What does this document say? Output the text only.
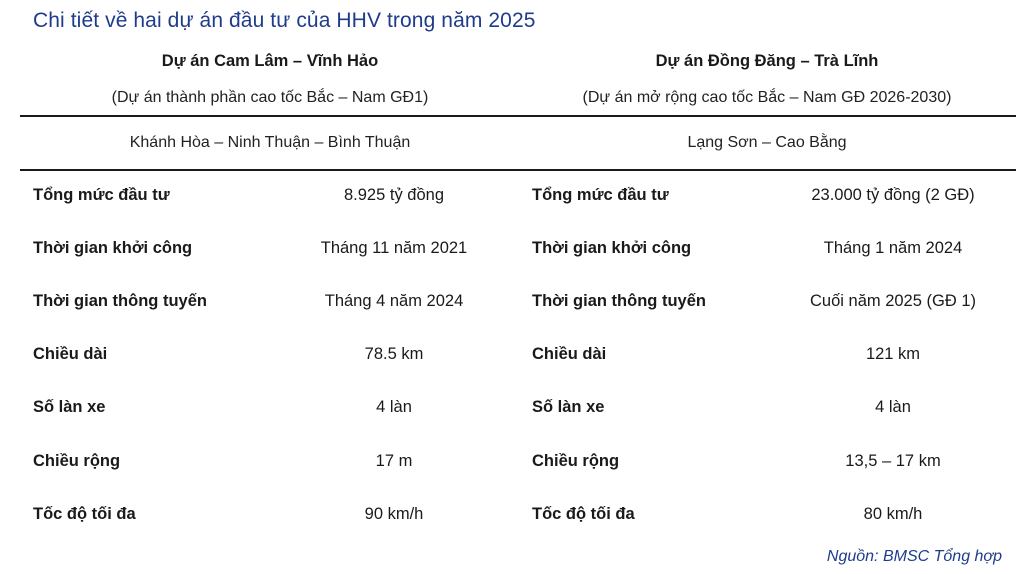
Chi tiết về hai dự án đầu tư của HHV trong năm 2025
Dự án Cam Lâm – Vĩnh Hảo	Dự án Đồng Đăng – Trà Lĩnh
(Dự án thành phần cao tốc Bắc – Nam GĐ1)	(Dự án mở rộng cao tốc Bắc – Nam GĐ 2026-2030)
Khánh Hòa – Ninh Thuận – Bình Thuận	Lạng Sơn – Cao Bằng
Tổng mức đầu tư	8.925 tỷ đồng	Tổng mức đầu tư	23.000 tỷ đồng (2 GĐ)
Thời gian khởi công	Tháng 11 năm 2021	Thời gian khởi công	Tháng 1 năm 2024
Thời gian thông tuyến	Tháng 4 năm 2024	Thời gian thông tuyến	Cuối năm 2025 (GĐ 1)
Chiều dài	78.5 km	Chiều dài	121 km
Số làn xe	4 làn	Số làn xe	4 làn
Chiều rộng	17 m	Chiều rộng	13,5 – 17 km
Tốc độ tối đa	90 km/h	Tốc độ tối đa	80 km/h
Nguồn: BMSC Tổng hợp
